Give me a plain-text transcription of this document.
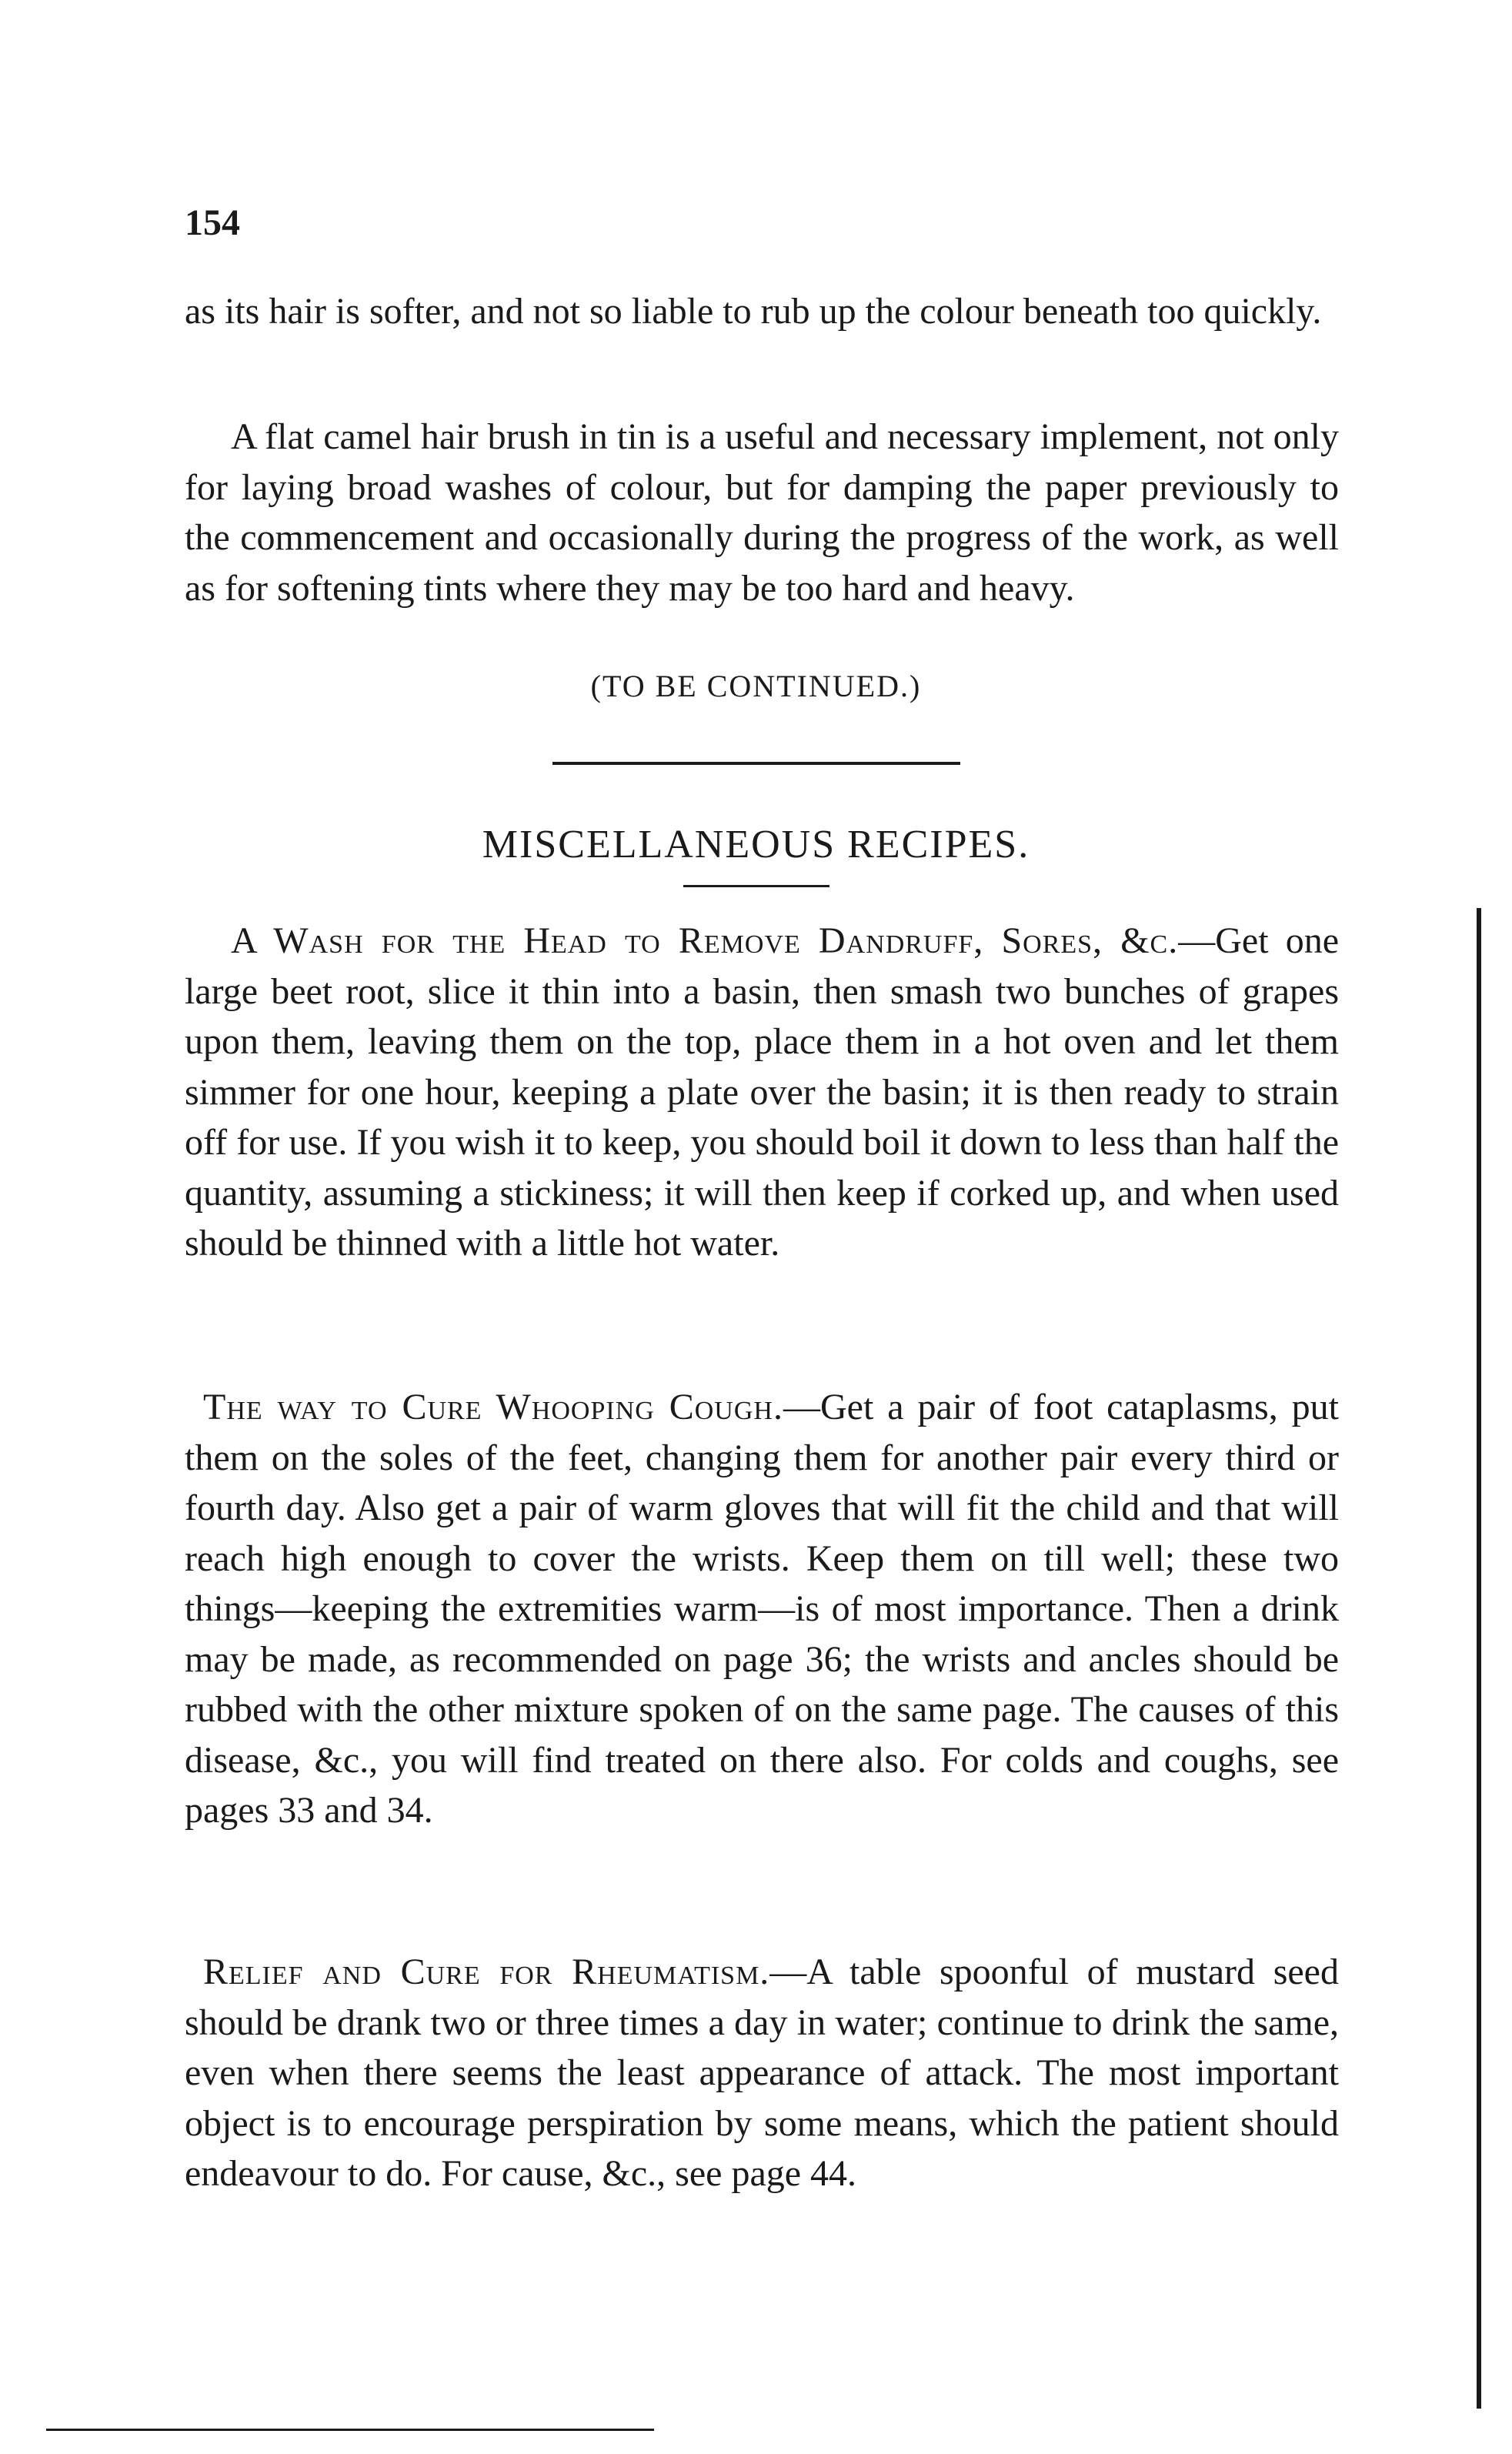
154

as its hair is softer, and not so liable to rub up the colour beneath too quickly.

A flat camel hair brush in tin is a useful and necessary implement, not only for laying broad washes of colour, but for damping the paper previously to the commencement and occasionally during the progress of the work, as well as for softening tints where they may be too hard and heavy.

(TO BE CONTINUED.)
MISCELLANEOUS RECIPES.

A Wash for the Head to Remove Dandruff, Sores, &c.—Get one large beet root, slice it thin into a basin, then smash two bunches of grapes upon them, leaving them on the top, place them in a hot oven and let them simmer for one hour, keeping a plate over the basin; it is then ready to strain off for use. If you wish it to keep, you should boil it down to less than half the quantity, assuming a stickiness; it will then keep if corked up, and when used should be thinned with a little hot water.

The way to Cure Whooping Cough.—Get a pair of foot cataplasms, put them on the soles of the feet, changing them for another pair every third or fourth day. Also get a pair of warm gloves that will fit the child and that will reach high enough to cover the wrists. Keep them on till well; these two things—keeping the extremities warm—is of most importance. Then a drink may be made, as recommended on page 36; the wrists and ancles should be rubbed with the other mixture spoken of on the same page. The causes of this disease, &c., you will find treated on there also. For colds and coughs, see pages 33 and 34.

Relief and Cure for Rheumatism.—A table spoonful of mustard seed should be drank two or three times a day in water; continue to drink the same, even when there seems the least appearance of attack. The most important object is to encourage perspiration by some means, which the patient should endeavour to do. For cause, &c., see page 44.
